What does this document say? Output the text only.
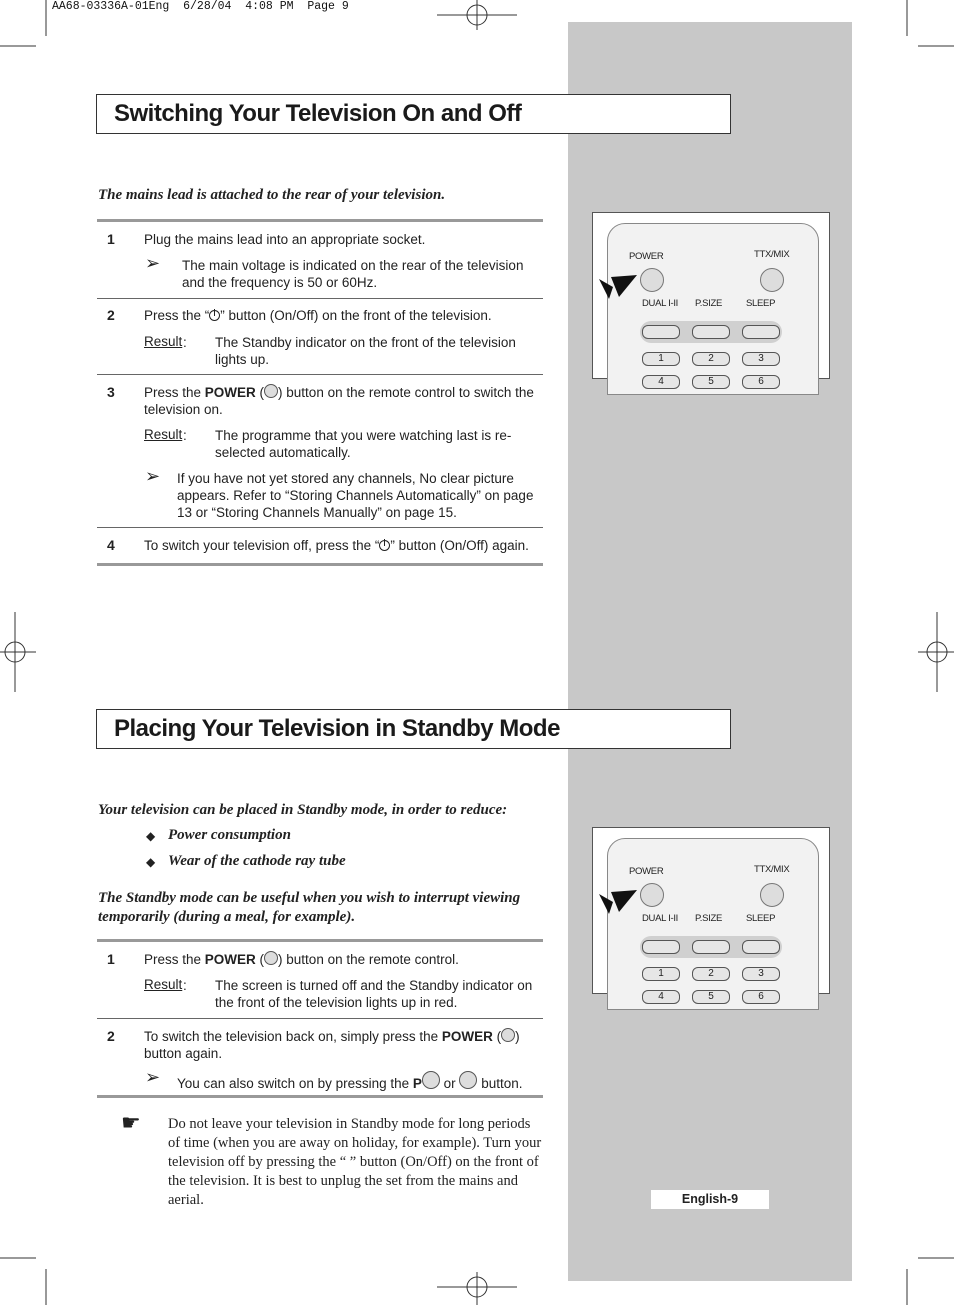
AA68-03336A-01Eng  6/28/04  4:08 PM  Page 9
Switching Your Television On and Off
The mains lead is attached to the rear of your television.
1 Plug the mains lead into an appropriate socket.
➢ The main voltage is indicated on the rear of the television and the frequency is 50 or 60Hz.
2 Press the “ ” button (On/Off) on the front of the television.
Result : The Standby indicator on the front of the television lights up.
3 Press the POWER ( ) button on the remote control to switch the television on.
Result : The programme that you were watching last is re-selected automatically.
➢ If you have not yet stored any channels, No clear picture appears. Refer to “Storing Channels Automatically” on page 13 or “Storing Channels Manually” on page 15.
4 To switch your television off, press the “ ” button (On/Off) again.
POWER	TTX/MIX
DUAL I-II P.SIZE	SLEEP
1	2	3
4	5	6
Placing Your Television in Standby Mode
Your television can be placed in Standby mode, in order to reduce:
◆ Power consumption
◆ Wear of the cathode ray tube
The Standby mode can be useful when you wish to interrupt viewing temporarily (during a meal, for example).
1 Press the POWER ( ) button on the remote control.
Result : The screen is turned off and the Standby indicator on the front of the television lights up in red.
2 To switch the television back on, simply press the POWER ( ) button again.
➢ You can also switch on by pressing the P or  button.
☛ Do not leave your television in Standby mode for long periods of time (when you are away on holiday, for example). Turn your television off by pressing the “ ” button (On/Off) on the front of the television. It is best to unplug the set from the mains and aerial.
POWER	TTX/MIX
DUAL I-II P.SIZE	SLEEP
1	2	3
4	5	6
English-9
